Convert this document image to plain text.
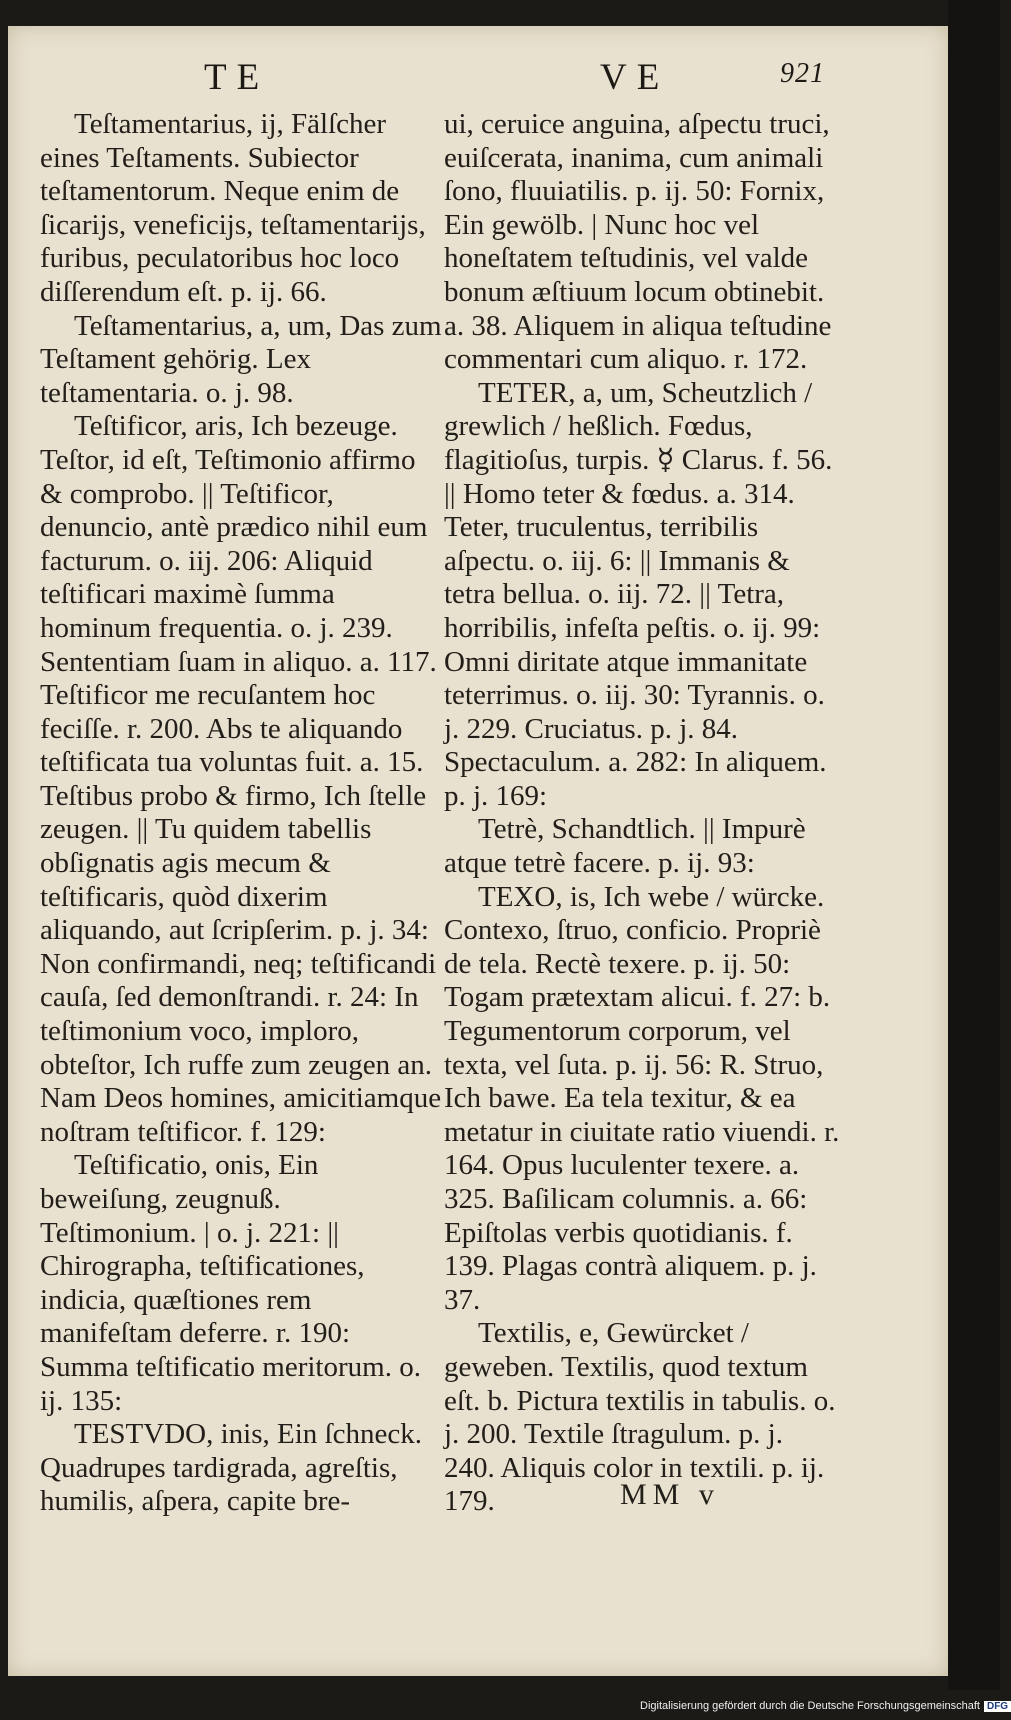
TE	VE	921

Teſtamentarius, ij, Fälſcher eines Teſtaments. Subiector teſtamentorum. Neque enim de ſicarijs, veneficijs, teſtamentarijs, furibus, peculatoribus hoc loco diſſerendum eſt. p. ij. 66.

Teſtamentarius, a, um, Das zum Teſtament gehörig. Lex teſtamentaria. o. j. 98.

Teſtificor, aris, Ich bezeuge. Teſtor, id eſt, Teſtimonio affirmo & comprobo. || Teſtificor, denuncio, antè prædico nihil eum facturum. o. iij. 206: Aliquid teſtificari maximè ſumma hominum frequentia. o. j. 239. Sententiam ſuam in aliquo. a. 117. Teſtificor me recuſantem hoc feciſſe. r. 200. Abs te aliquando teſtificata tua voluntas fuit. a. 15. Teſtibus probo & firmo, Ich ſtelle zeugen. || Tu quidem tabellis obſignatis agis mecum & teſtificaris, quòd dixerim aliquando, aut ſcripſerim. p. j. 34: Non confirmandi, neq; teſtificandi cauſa, ſed demonſtrandi. r. 24: In teſtimonium voco, imploro, obteſtor, Ich ruffe zum zeugen an. Nam Deos homines, amicitiamque noſtram teſtificor. f. 129:

Teſtificatio, onis, Ein beweiſung, zeugnuß. Teſtimonium. | o. j. 221: || Chirographa, teſtificationes, indicia, quæſtiones rem manifeſtam deferre. r. 190: Summa teſtificatio meritorum. o. ij. 135:

TESTVDO, inis, Ein ſchneck. Quadrupes tardigrada, agreſtis, humilis, aſpera, capite bre-

ui, ceruice anguina, aſpectu truci, euiſcerata, inanima, cum animali ſono, fluuiatilis. p. ij. 50: Fornix, Ein gewölb. | Nunc hoc vel honeſtatem teſtudinis, vel valde bonum æſtiuum locum obtinebit. a. 38. Aliquem in aliqua teſtudine commentari cum aliquo. r. 172.

TETER, a, um, Scheutzlich / grewlich / heßlich. Fœdus, flagitioſus, turpis. ☿ Clarus. f. 56. || Homo teter & fœdus. a. 314. Teter, truculentus, terribilis aſpectu. o. iij. 6: || Immanis & tetra bellua. o. iij. 72. || Tetra, horribilis, infeſta peſtis. o. ij. 99: Omni diritate atque immanitate teterrimus. o. iij. 30: Tyrannis. o. j. 229. Cruciatus. p. j. 84. Spectaculum. a. 282: In aliquem. p. j. 169:

Tetrè, Schandtlich. || Impurè atque tetrè facere. p. ij. 93:

TEXO, is, Ich webe / würcke. Contexo, ſtruo, conficio. Propriè de tela. Rectè texere. p. ij. 50: Togam prætextam alicui. f. 27: b. Tegumentorum corporum, vel texta, vel ſuta. p. ij. 56: R. Struo, Ich bawe. Ea tela texitur, & ea metatur in ciuitate ratio viuendi. r. 164. Opus luculenter texere. a. 325. Baſilicam columnis. a. 66: Epiſtolas verbis quotidianis. f. 139. Plagas contrà aliquem. p. j. 37.

Textilis, e, Gewürcket / geweben. Textilis, quod textum eſt. b. Pictura textilis in tabulis. o. j. 200. Textile ſtragulum. p. j. 240. Aliquis color in textili. p. ij. 179.	MM v
Digitalisierung gefördert durch die Deutsche Forschungsgemeinschaft DFG
